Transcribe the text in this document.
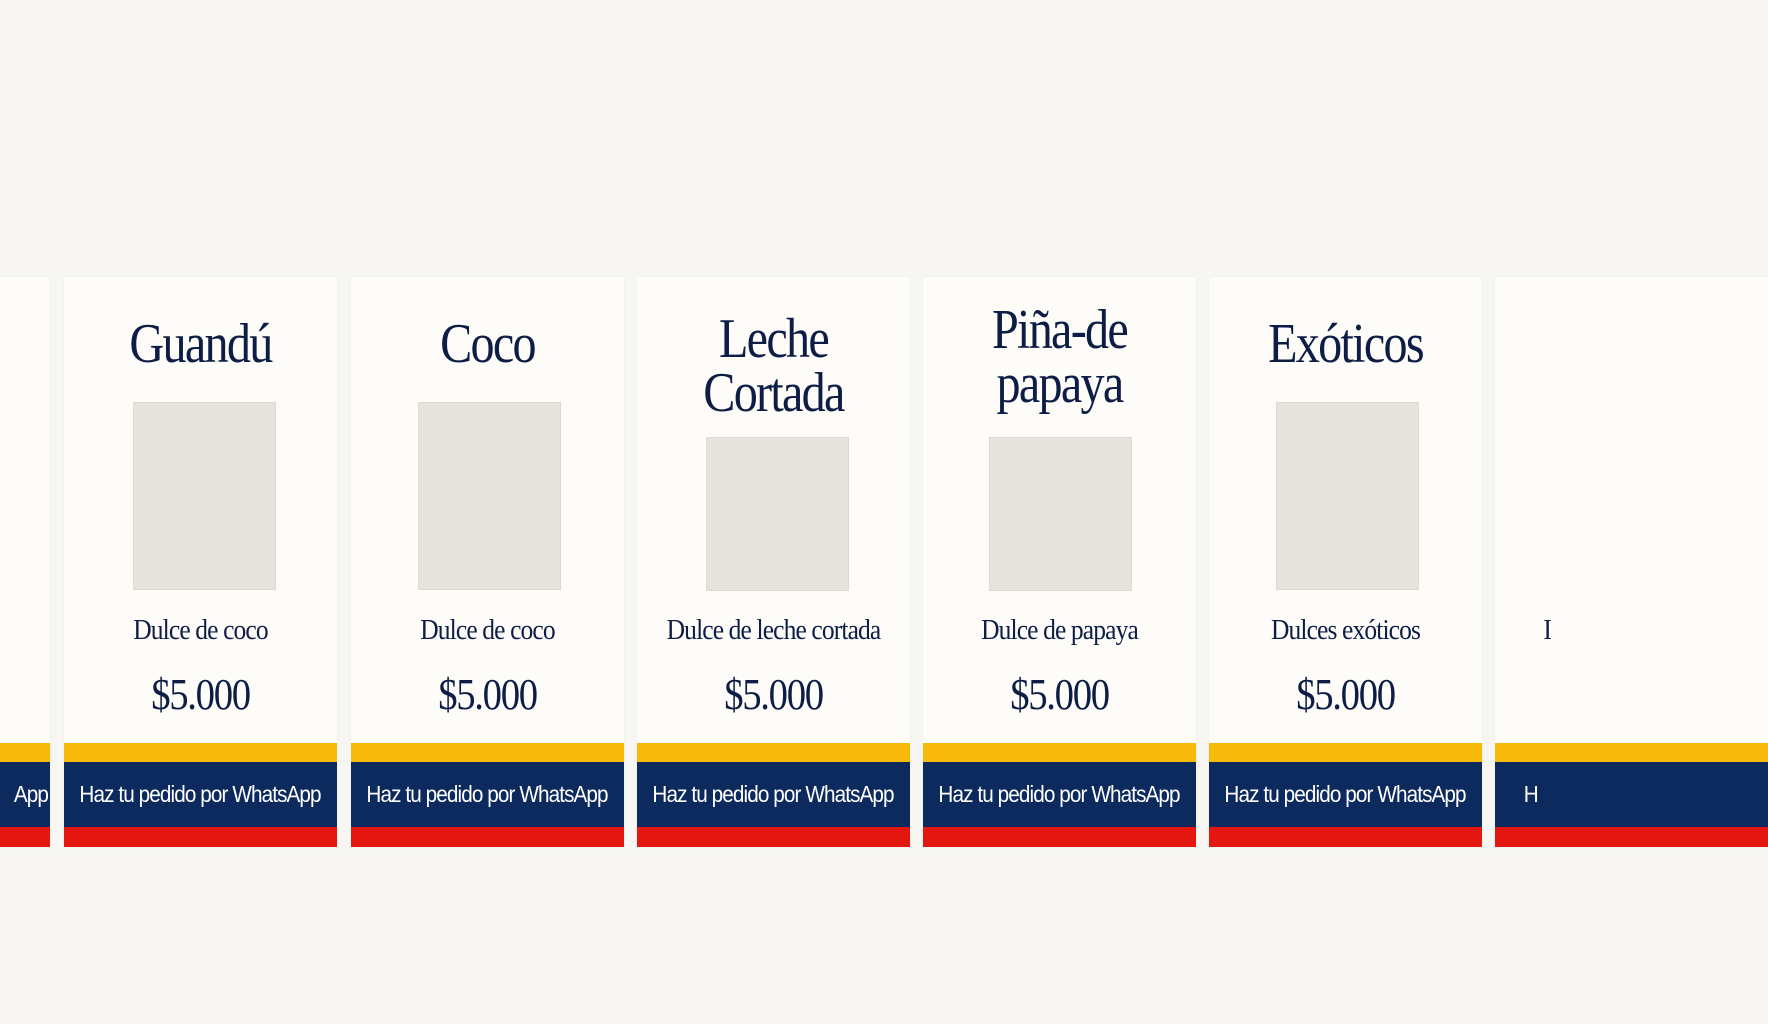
App
Guandú
Dulce de coco
$5.000
Haz tu pedido por WhatsApp
Coco
Dulce de coco
$5.000
Haz tu pedido por WhatsApp
Leche
Cortada
Dulce de leche cortada
$5.000
Haz tu pedido por WhatsApp
Piña-de
papaya
Dulce de papaya
$5.000
Haz tu pedido por WhatsApp
Exóticos
Dulces exóticos
$5.000
Haz tu pedido por WhatsApp
I
H
